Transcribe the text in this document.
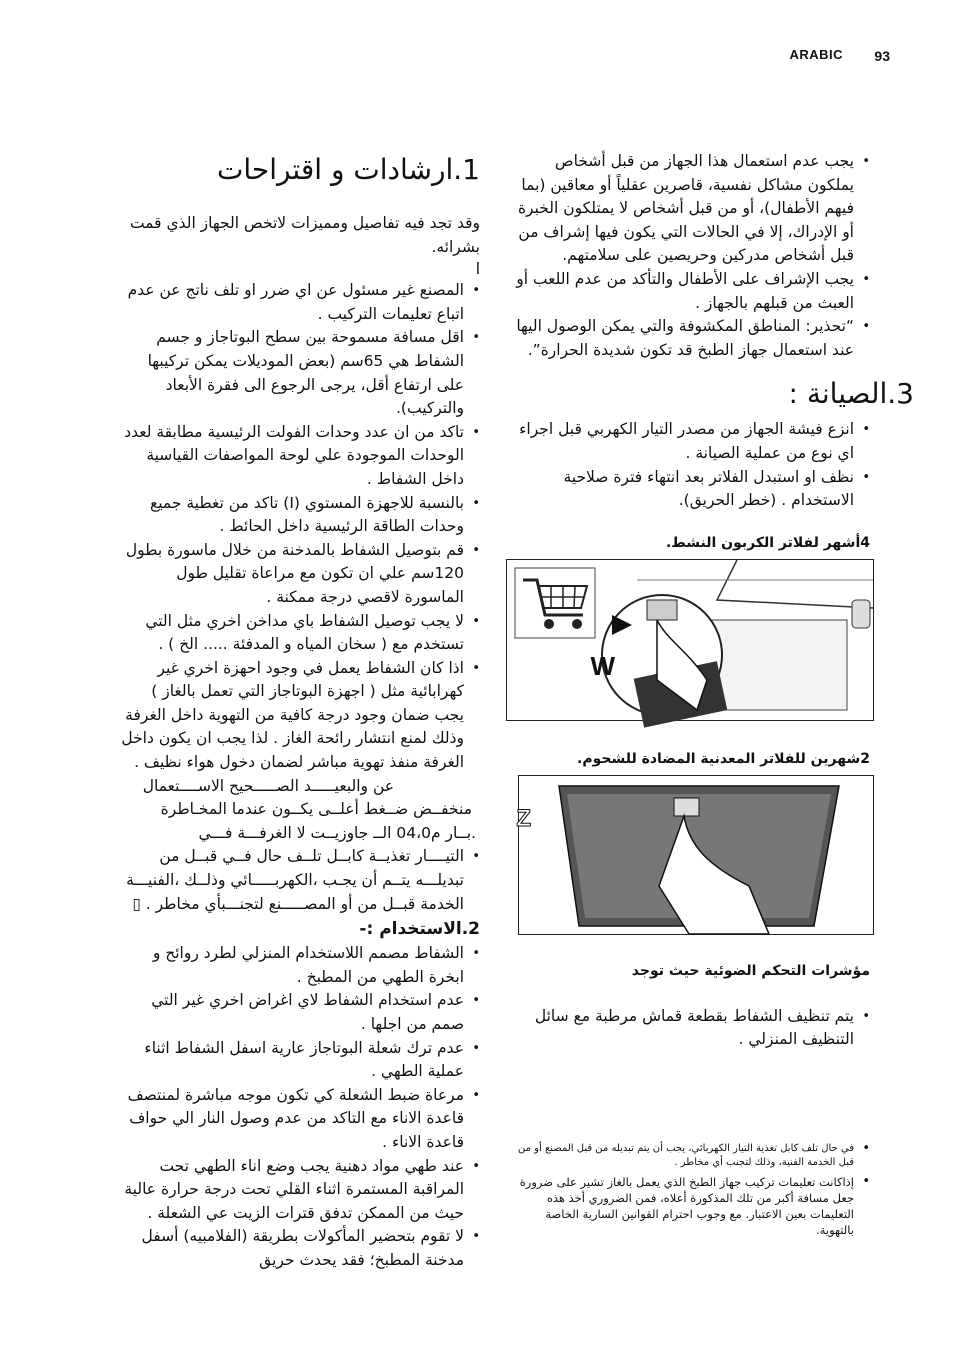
ARABIC 93
1.ارشادات و اقتراحات

وقد تجد فيه تفاصيل ومميزات لاتخص الجهاز الذي قمت بشرائه.

ا

• المصنع غير مسئول عن اي ضرر او تلف ناتج عن عدم اتباع تعليمات التركيب .
• اقل مسافة مسموحة بين سطح البوتاجاز و جسم الشفاط هي 65سم (بعض الموديلات يمكن تركيبها على ارتفاع أقل، يرجى الرجوع الى فقرة الأبعاد والتركيب).
• تاكد من ان عدد وحدات الفولت الرئيسية مطابقة لعدد الوحدات الموجودة علي لوحة المواصفات القياسية داخل الشفاط .
• بالنسبة للاجهزة المستوي (I) تاكد من تغطية جميع وحدات الطاقة الرئيسية داخل الحائط .
• قم بتوصيل الشفاط بالمدخنة من خلال ماسورة بطول 120سم علي ان تكون مع مراعاة تقليل طول الماسورة لاقصي درجة ممكنة .
• لا يجب توصيل الشفاط باي مداخن اخري مثل التي تستخدم مع ( سخان المياه و المدفئة ..... الخ ) .
• اذا كان الشفاط يعمل في وجود احهزة اخري غير كهرابائية مثل ( اجهزة البوتاجاز التي تعمل بالغاز ) يجب ضمان وجود درجة كافية من التهوية داخل الغرفة وذلك لمنع انتشار رائحة الغاز . لذا يجب ان يكون داخل الغرفة منفذ تهوية مباشر لضمان دخول هواء نظيف .

عن والبعيـــــد الصـــــحيح الاســــتعمال

منخفــض ضــغط أعلــى يكــون عندما المخـاطرة

.بــار م04،0 الــ جاوزيــت لا الغرفـــة فـــي

• التيــــار تغذيــة كابــل تلــف حال فــي قبــل من تبديلـــه يتــم أن يجـب ،الكهربـــــائي وذلــك ،الفنيـــة الخدمة قبــل من أو المصـــــنع لتجنـــبأي مخاطر . ▯
2.الاستخدام :-
• الشفاط مصمم اللاستخدام المنزلي لطرد روائح و ابخرة الطهي من المطبخ .
• عدم استخدام الشفاط لاي اغراض اخري غير التي صمم من اجلها .
• عدم ترك شعلة البوتاجاز عارية اسفل الشفاط اثناء عملية الطهي .
• مرعاة ضبط الشعلة كي تكون موجه مباشرة لمنتصف قاعدة الاناء مع التاكد من عدم وصول النار الي حواف قاعدة الاناء .
• عند طهي مواد دهنية يجب وضع اناء الطهي تحت المراقبة المستمرة اثناء القلي تحت درجة حرارة عالية حيث من الممكن تدفق قترات الزيت عي الشعلة .
• لا تقوم بتحضير المأكولات بطريقة (الفلامبيه) أسفل مدخنة المطبخ؛ فقد يحدث حريق
• يجب عدم استعمال هذا الجهاز من قبل أشخاص يملكون مشاكل نفسية، قاصرين عقلياً أو معاقين (بما فيهم الأطفال)، أو من قبل أشخاص لا يمتلكون الخبرة أو الإدراك، إلا في الحالات التي يكون فيها إشراف من قبل أشخاص مدركين وحريصين على سلامتهم.
• يجب الإشراف على الأطفال والتأكد من عدم اللعب أو العبث من قبلهم بالجهاز .
• “تحذير: المناطق المكشوفة والتي يمكن الوصول اليها عند استعمال جهاز الطبخ قد تكون شديدة الحرارة”.
3.الصيانة :
• انزع فيشة الجهاز من مصدر التيار الكهربي قبل اجراء اي نوع من عملية الصيانة .
• نظف او استبدل الفلاتر بعد انتهاء فترة صلاحية الاستخدام . (خطر الحريق).

4أشهر لفلاتر الكربون النشط.

W

2شهرين للفلاتر المعدنية المضادة للشحوم.

Z

مؤشرات التحكم الضوئية حيث توجد

• يتم تنظيف الشفاط بقطعة قماش مرطبة مع سائل التنظيف المنزلي .
• في حال تلف كابل تغذية التيار الكهربائي، يجب أن يتم تبديله من قبل المصنع أو من قبل الخدمة الفنية، وذلك لتجنب أي مخاطر .
• إذاكانت تعليمات تركيب جهاز الطبخ الذي يعمل بالغاز تشير على ضرورة جعل مسافة أكبر من تلك المذكورة أعلاه، فمن الضروري أخذ هذه التعليمات بعين الاعتبار. مع وجوب احترام القوانين السارية الخاصة بالتهوية.
